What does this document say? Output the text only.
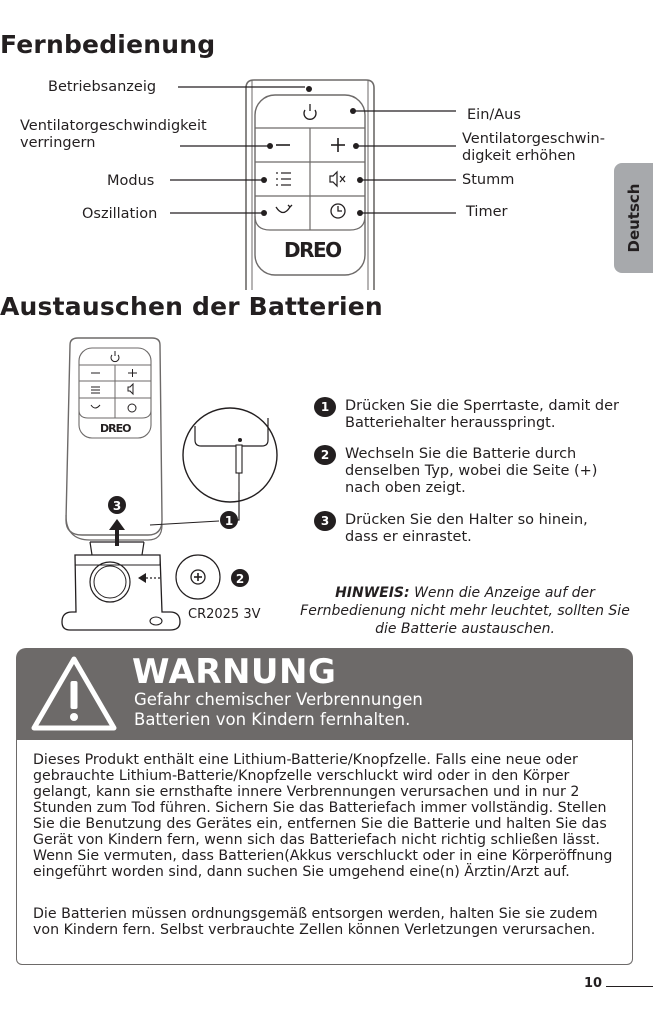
Fernbedienung
DREO
Betriebsanzeig
Ventilatorgeschwindigkeit
verringern
Modus
Oszillation
Ein/Aus
Ventilatorgeschwin-
digkeit erhöhen
Stumm
Timer	Deutsch
Austauschen der Batterien
DREO
3
1
2
CR2025 3V
1	Drücken Sie die Sperrtaste, damit der Batteriehalter herausspringt.
2	Wechseln Sie die Batterie durch denselben Typ, wobei die Seite (+) nach oben zeigt.
3	Drücken Sie den Halter so hinein, dass er einrastet.
HINWEIS: Wenn die Anzeige auf der Fernbedienung nicht mehr leuchtet, sollten Sie die Batterie austauschen.
WARNUNG
Gefahr chemischer Verbrennungen
Batterien von Kindern fernhalten.
Dieses Produkt enthält eine Lithium-Batterie/Knopfzelle. Falls eine neue oder gebrauchte Lithium-Batterie/Knopfzelle verschluckt wird oder in den Körper gelangt, kann sie ernsthafte innere Verbrennungen verursachen und in nur 2 Stunden zum Tod führen. Sichern Sie das Batteriefach immer vollständig. Stellen Sie die Benutzung des Gerätes ein, entfernen Sie die Batterie und halten Sie das Gerät von Kindern fern, wenn sich das Batteriefach nicht richtig schließen lässt. Wenn Sie vermuten, dass Batterien(Akkus verschluckt oder in eine Körperöffnung eingeführt worden sind, dann suchen Sie umgehend eine(n) Ärztin/Arzt auf.
Die Batterien müssen ordnungsgemäß entsorgen werden, halten Sie sie zudem von Kindern fern. Selbst verbrauchte Zellen können Verletzungen verursachen.
10
